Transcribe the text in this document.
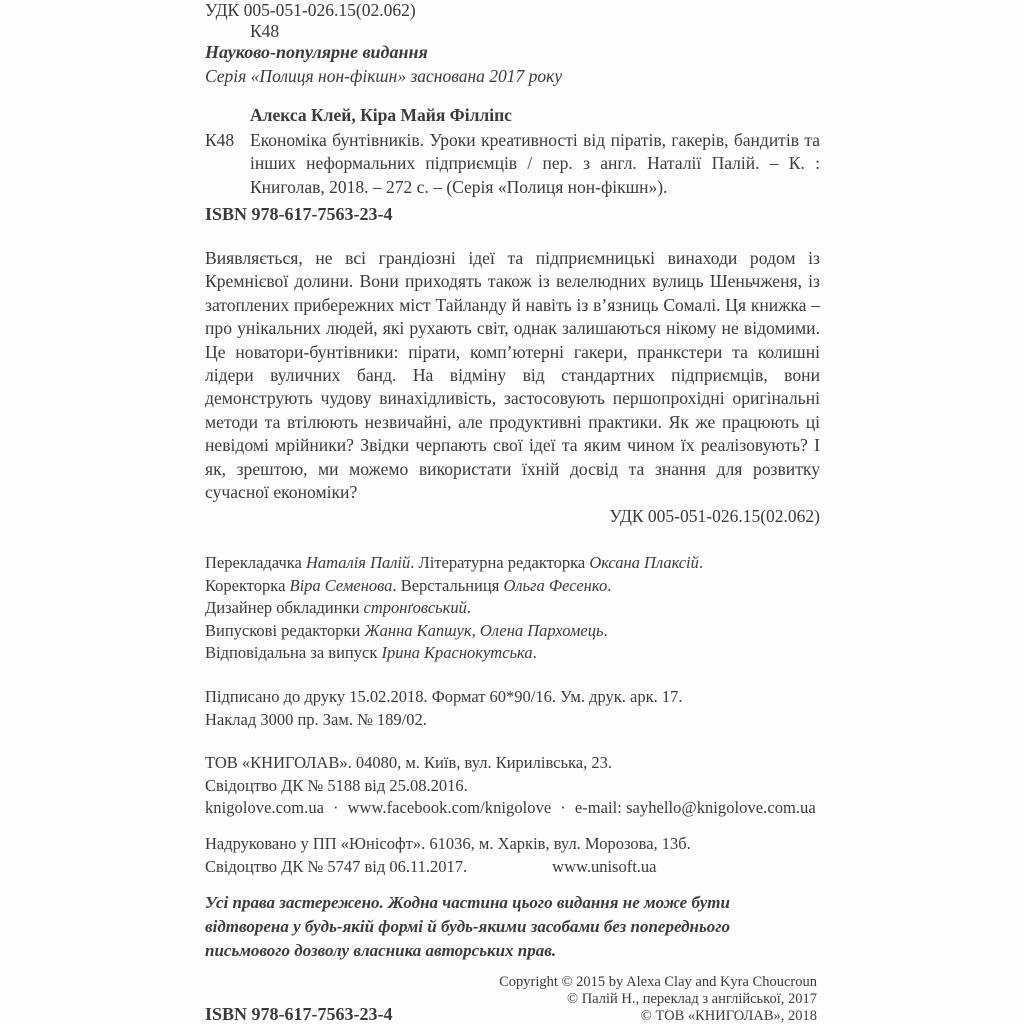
УДК 005-051-026.15(02.062)
К48
Науково-популярне видання
Серія «Полиця нон-фікшн» заснована 2017 року
Алекса Клей, Кіра Майя Філліпс
К48 Економіка бунтівників. Уроки креативності від піратів, гакерів, бандитів та інших неформальних підприємців / пер. з англ. Наталії Палій. – К. : Книголав, 2018. – 272 с. – (Серія «Полиця нон-фікшн»).
ISBN 978-617-7563-23-4
Виявляється, не всі грандіозні ідеї та підприємницькі винаходи родом із Кремнієвої долини. Вони приходять також із велелюдних вулиць Шеньчженя, із затоплених прибережних міст Тайланду й навіть із в’язниць Сомалі. Ця книжка – про унікальних людей, які рухають світ, однак залишаються нікому не відомими. Це новатори-бунтівники: пірати, комп’ютерні гакери, пранкстери та колишні лідери вуличних банд. На відміну від стандартних підприємців, вони демонструють чудову винахідливість, застосовують першопрохідні оригінальні методи та втілюють незвичайні, але продуктивні практики. Як же працюють ці невідомі мрійники? Звідки черпають свої ідеї та яким чином їх реалізовують? І як, зрештою, ми можемо використати їхній досвід та знання для розвитку сучасної економіки?
УДК 005-051-026.15(02.062)
Перекладачка Наталія Палій. Літературна редакторка Оксана Плаксій.
Коректорка Віра Семенова. Верстальниця Ольга Фесенко.
Дизайнер обкладинки стронґовський.
Випускові редакторки Жанна Капшук, Олена Пархомець.
Відповідальна за випуск Ірина Краснокутська.
Підписано до друку 15.02.2018. Формат 60*90/16. Ум. друк. арк. 17.
Наклад 3000 пр. Зам. № 189/02.
ТОВ «КНИГОЛАВ». 04080, м. Київ, вул. Кирилівська, 23.
Свідоцтво ДК № 5188 від 25.08.2016.
knigolove.com.ua · www.facebook.com/knigolove · e-mail: sayhello@knigolove.com.ua
Надруковано у ПП «Юнісофт». 61036, м. Харків, вул. Морозова, 13б.
Свідоцтво ДК № 5747 від 06.11.2017.	www.unisoft.ua
Усі права застережено. Жодна частина цього видання не може бути відтворена у будь-якій формі й будь-якими засобами без попереднього письмового дозволу власника авторських прав.
Copyright © 2015 by Alexa Clay and Kyra Choucroun
© Палій Н., переклад з англійської, 2017
© ТОВ «КНИГОЛАВ», 2018
ISBN 978-617-7563-23-4
